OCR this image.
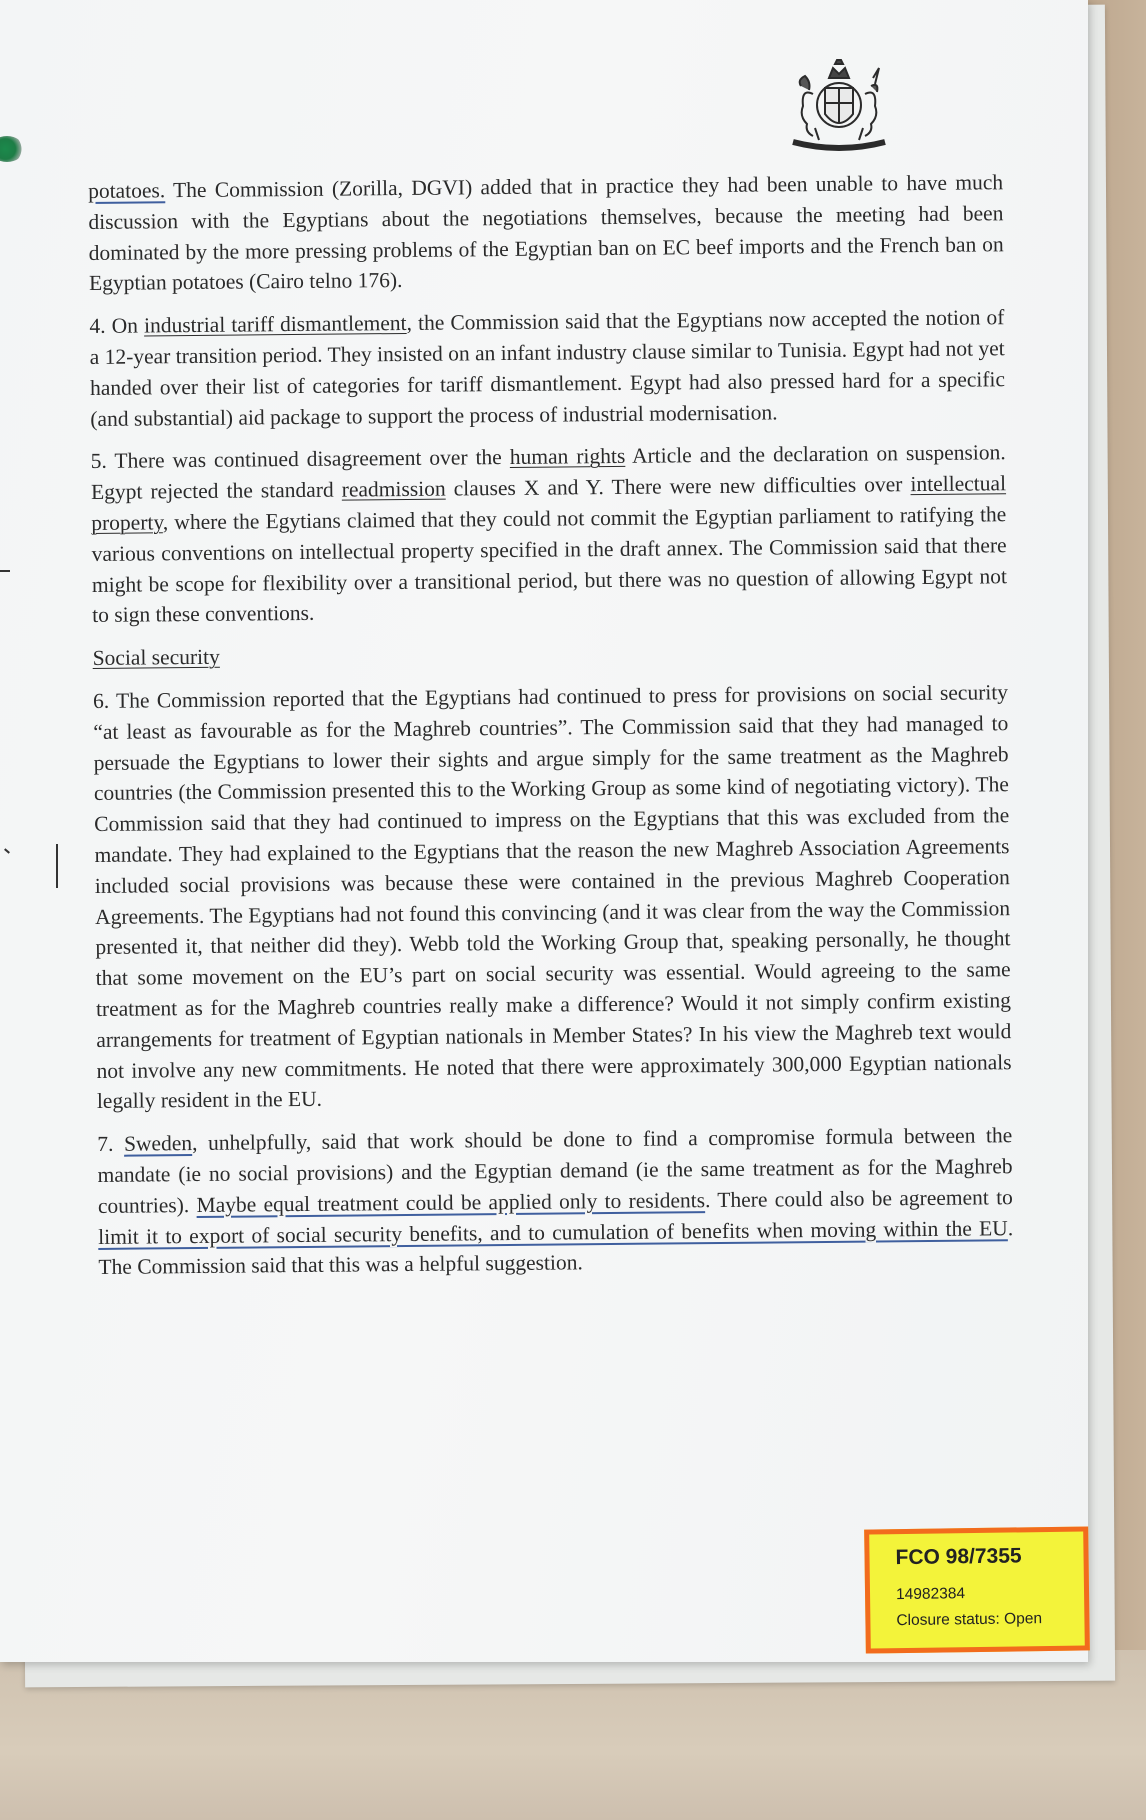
potatoes. The Commission (Zorilla, DGVI) added that in practice they had been unable to have much discussion with the Egyptians about the negotiations themselves, because the meeting had been dominated by the more pressing problems of the Egyptian ban on EC beef imports and the French ban on Egyptian potatoes (Cairo telno 176).

4. On industrial tariff dismantlement, the Commission said that the Egyptians now accepted the notion of a 12-year transition period. They insisted on an infant industry clause similar to Tunisia. Egypt had not yet handed over their list of categories for tariff dismantlement. Egypt had also pressed hard for a specific (and substantial) aid package to support the process of industrial modernisation.

5. There was continued disagreement over the human rights Article and the declaration on suspension. Egypt rejected the standard readmission clauses X and Y. There were new difficulties over intellectual property, where the Egytians claimed that they could not commit the Egyptian parliament to ratifying the various conventions on intellectual property specified in the draft annex. The Commission said that there might be scope for flexibility over a transitional period, but there was no question of allowing Egypt not to sign these conventions.

Social security

6. The Commission reported that the Egyptians had continued to press for provisions on social security “at least as favourable as for the Maghreb countries”. The Commission said that they had managed to persuade the Egyptians to lower their sights and argue simply for the same treatment as the Maghreb countries (the Commission presented this to the Working Group as some kind of negotiating victory). The Commission said that they had continued to impress on the Egyptians that this was excluded from the mandate. They had explained to the Egyptians that the reason the new Maghreb Association Agreements included social provisions was because these were contained in the previous Maghreb Cooperation Agreements. The Egyptians had not found this convincing (and it was clear from the way the Commission presented it, that neither did they). Webb told the Working Group that, speaking personally, he thought that some movement on the EU’s part on social security was essential. Would agreeing to the same treatment as for the Maghreb countries really make a difference? Would it not simply confirm existing arrangements for treatment of Egyptian nationals in Member States? In his view the Maghreb text would not involve any new commitments. He noted that there were approximately 300,000 Egyptian nationals legally resident in the EU.

7. Sweden, unhelpfully, said that work should be done to find a compromise formula between the mandate (ie no social provisions) and the Egyptian demand (ie the same treatment as for the Maghreb countries). Maybe equal treatment could be applied only to residents. There could also be agreement to limit it to export of social security benefits, and to cumulation of benefits when moving within the EU. The Commission said that this was a helpful suggestion.

FCO 98/7355
14982384
Closure status: Open
